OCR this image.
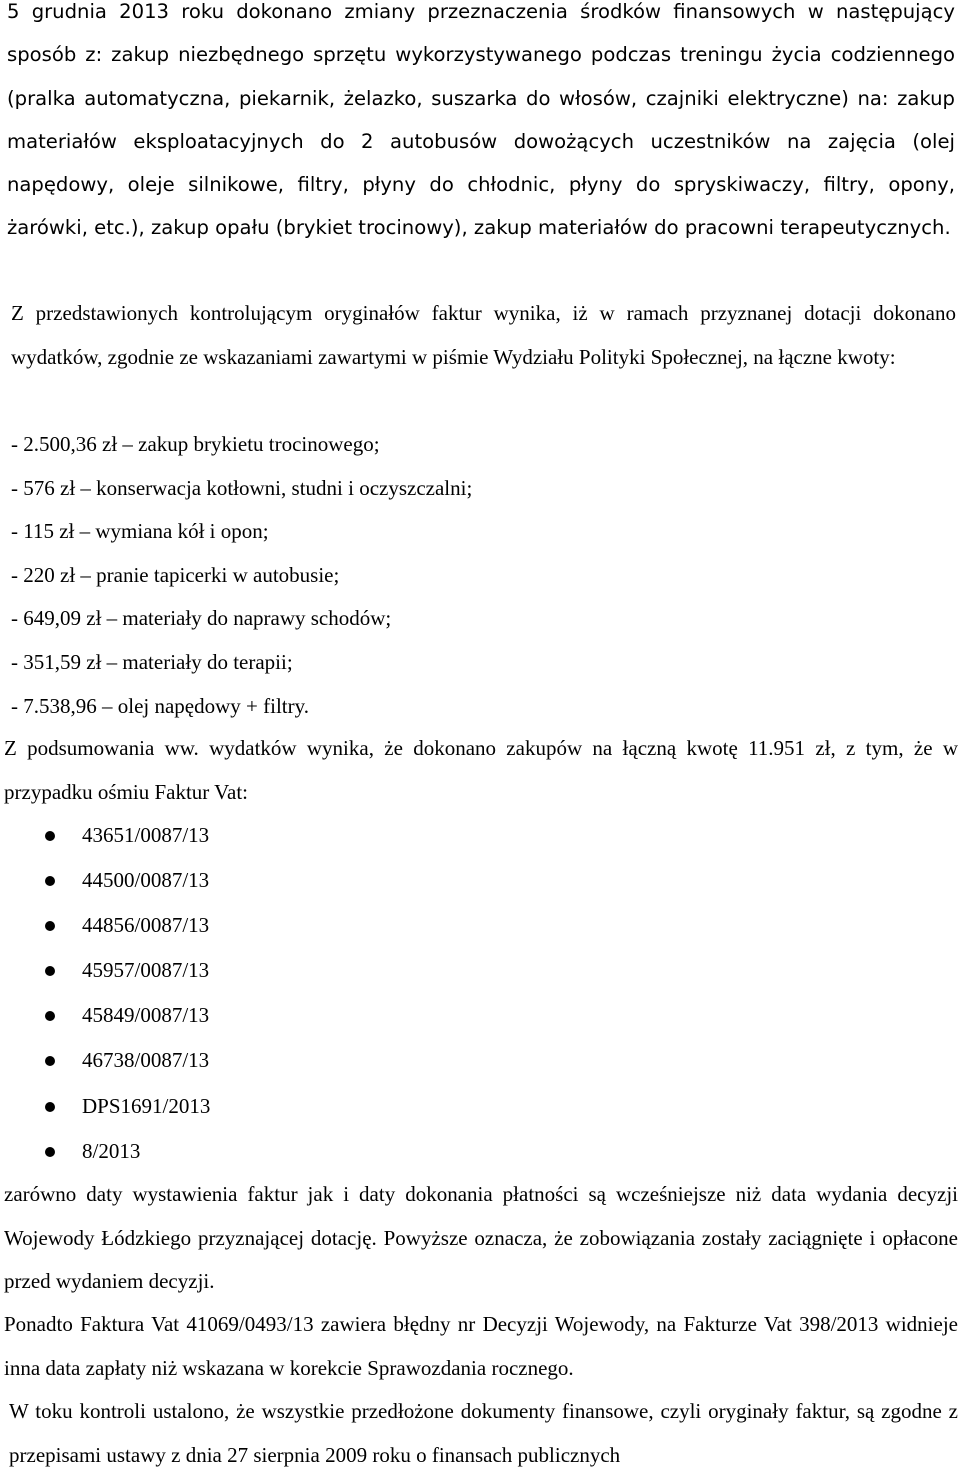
5 grudnia 2013 roku dokonano zmiany przeznaczenia środków finansowych w następujący sposób z: zakup niezbędnego sprzętu wykorzystywanego podczas treningu życia codziennego (pralka automatyczna, piekarnik, żelazko, suszarka do włosów, czajniki elektryczne) na: zakup materiałów eksploatacyjnych do 2 autobusów dowożących uczestników na zajęcia (olej napędowy, oleje silnikowe, filtry, płyny do chłodnic, płyny do spryskiwaczy, filtry, opony, żarówki, etc.), zakup opału (brykiet trocinowy), zakup materiałów do pracowni terapeutycznych.

Z przedstawionych kontrolującym oryginałów faktur wynika, iż w ramach przyznanej dotacji dokonano wydatków, zgodnie ze wskazaniami zawartymi w piśmie Wydziału Polityki Społecznej, na łączne kwoty:

- 2.500,36 zł – zakup brykietu trocinowego;
- 576 zł – konserwacja kotłowni, studni i oczyszczalni;
- 115 zł – wymiana kół i opon;
- 220 zł – pranie tapicerki w autobusie;
- 649,09 zł – materiały do naprawy schodów;
- 351,59 zł – materiały do terapii;
- 7.538,96 – olej napędowy + filtry.

Z podsumowania ww. wydatków wynika, że dokonano zakupów na łączną kwotę 11.951 zł, z tym, że w przypadku ośmiu Faktur Vat:

43651/0087/13
44500/0087/13
44856/0087/13
45957/0087/13
45849/0087/13
46738/0087/13
DPS1691/2013
8/2013

zarówno daty wystawienia faktur jak i daty dokonania płatności są wcześniejsze niż data wydania decyzji Wojewody Łódzkiego przyznającej dotację. Powyższe oznacza, że zobowiązania zostały zaciągnięte i opłacone przed wydaniem decyzji.

Ponadto Faktura Vat 41069/0493/13 zawiera błędny nr Decyzji Wojewody, na Fakturze Vat 398/2013 widnieje inna data zapłaty niż wskazana w korekcie Sprawozdania rocznego.

W toku kontroli ustalono, że wszystkie przedłożone dokumenty finansowe, czyli oryginały faktur, są zgodne z przepisami ustawy z dnia 27 sierpnia 2009 roku o finansach publicznych
